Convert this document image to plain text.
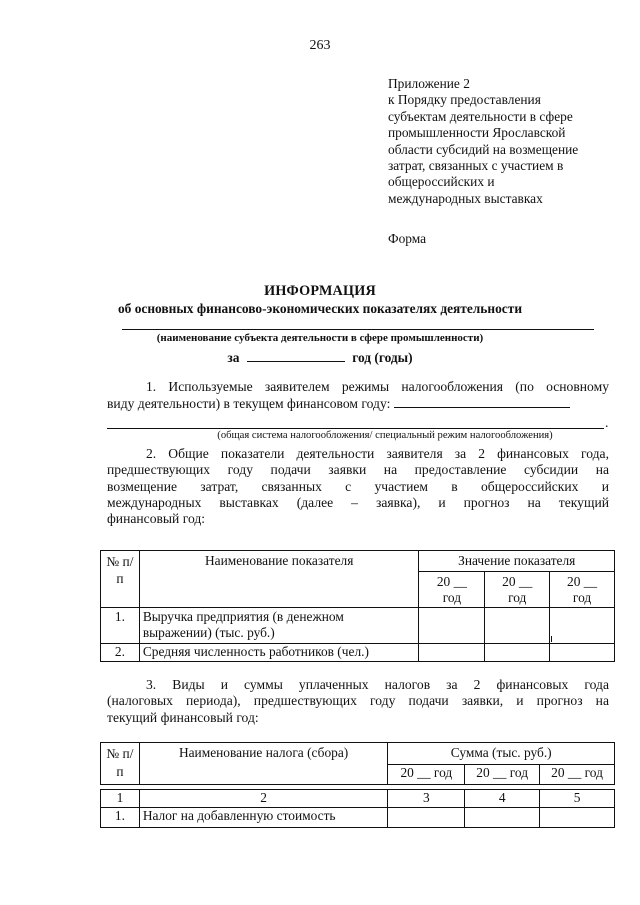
263
Приложение 2
к Порядку предоставления
субъектам деятельности в сфере
промышленности Ярославской
области субсидий на возмещение
затрат, связанных с участием в
общероссийских и
международных выставках
Форма
ИНФОРМАЦИЯ
об основных финансово-экономических показателях деятельности
(наименование субъекта деятельности в сфере промышленности)
за	год (годы)
1. Используемые заявителем режимы налогообложения (по основному
виду деятельности) в текущем финансовом году:
.
(общая система налогообложения/ специальный режим налогообложения)
2. Общие показатели деятельности заявителя за 2 финансовых года,
предшествующих году подачи заявки на предоставление субсидии на
возмещение затрат, связанных с участием в общероссийских и
международных выставках (далее – заявка), и прогноз на текущий
финансовый год:
№ п/п	Наименование показателя	Значение показателя		
		20 __ год	20 __ год	20 __ год
1.	Выручка предприятия (в денежном выражении) (тыс. руб.)			
2.	Средняя численность работников (чел.)			
3. Виды и суммы уплаченных налогов за 2 финансовых года
(налоговых периода), предшествующих году подачи заявки, и прогноз на
текущий финансовый год:
№ п/п	Наименование налога (сбора)	Сумма (тыс. руб.)		
		20 __ год	20 __ год	20 __ год

1	2	3	4	5
1.	Налог на добавленную стоимость			
